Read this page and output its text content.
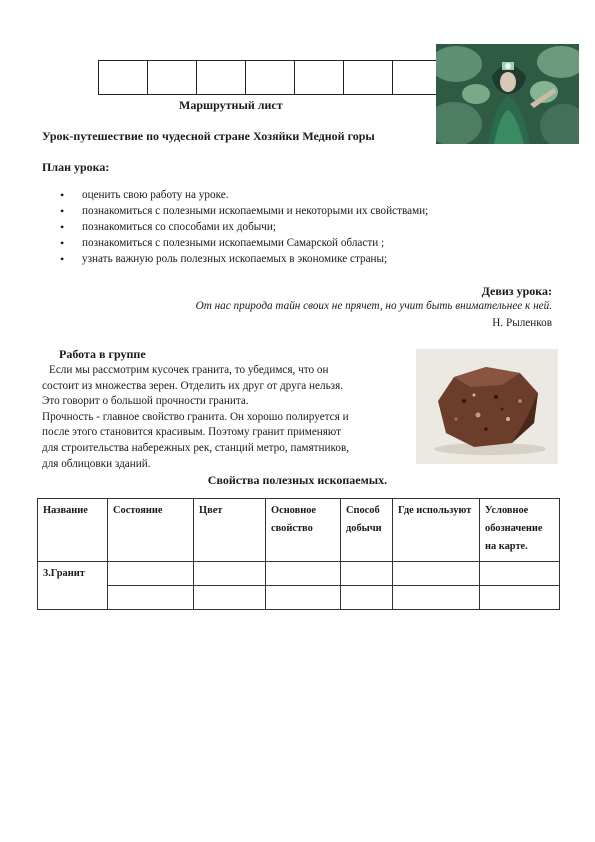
Маршрутный лист
Урок-путешествие по чудесной стране Хозяйки Медной горы
План урока:
• оценить свою работу на уроке.
• познакомиться с полезными ископаемыми и некоторыми их свойствами;
• познакомиться со способами их добычи;
• познакомиться с полезными ископаемыми Самарской области ;
• узнать важную роль полезных ископаемых в экономике страны;
Девиз урока:
От нас природа тайн своих не прячет, но учит быть внимательнее к ней.
Н. Рыленков
Работа в группе
Если мы рассмотрим кусочек гранита, то убедимся, что он
состоит из множества зерен. Отделить их друг от друга нельзя.
Это говорит о большой прочности гранита.
Прочность - главное свойство гранита. Он хорошо полируется и
после этого становится красивым. Поэтому гранит применяют
для строительства набережных рек, станций метро, памятников,
для облицовки зданий.
Свойства полезных ископаемых.
Название	Состояние	Цвет	Основное свойство	Способ добычи	Где используют	Условное обозначение на карте.
3.Гранит						
